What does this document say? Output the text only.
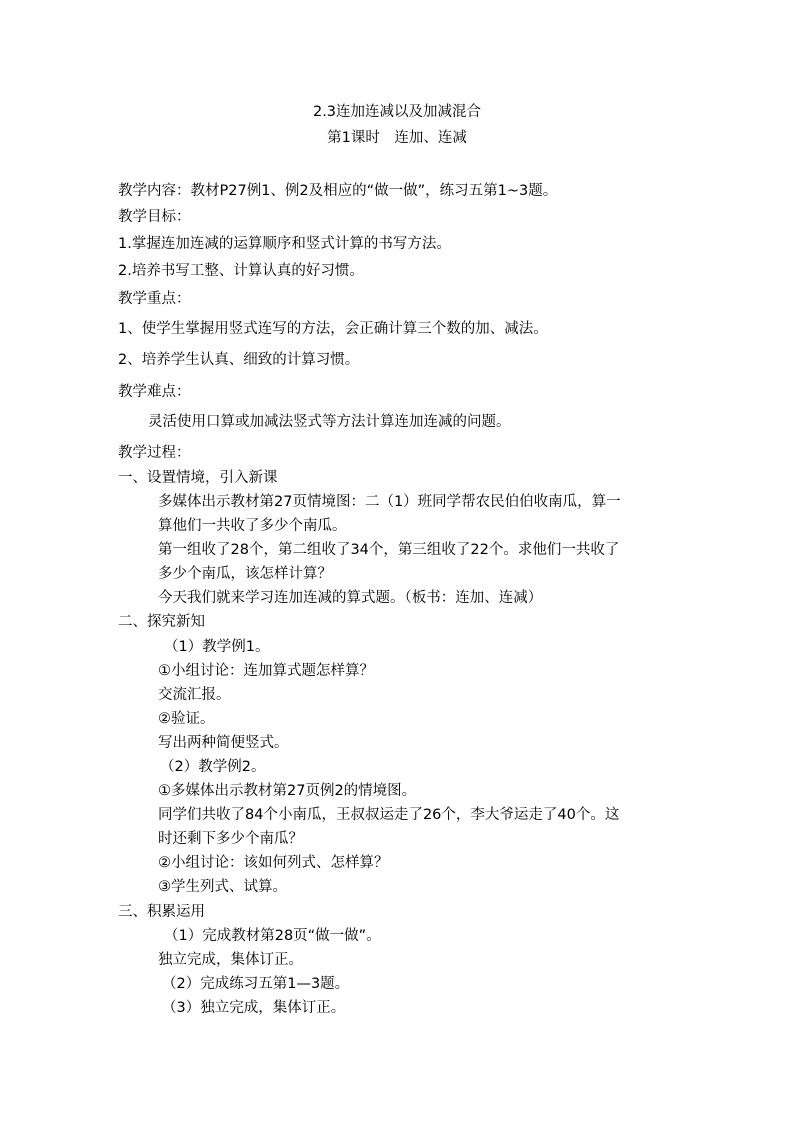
2.3连加连减以及加减混合
第1课时　连加、连减
教学内容：教材P27例1、例2及相应的“做一做”，练习五第1~3题。
教学目标：
1.掌握连加连减的运算顺序和竖式计算的书写方法。
2.培养书写工整、计算认真的好习惯。
教学重点：
1、使学生掌握用竖式连写的方法，会正确计算三个数的加、减法。
2、培养学生认真、细致的计算习惯。
教学难点：
灵活使用口算或加减法竖式等方法计算连加连减的问题。
教学过程：
一、设置情境，引入新课
多媒体出示教材第27页情境图：二（1）班同学帮农民伯伯收南瓜，算一
算他们一共收了多少个南瓜。
第一组收了28个，第二组收了34个，第三组收了22个。求他们一共收了
多少个南瓜，该怎样计算？
今天我们就来学习连加连减的算式题。（板书：连加、连减）
二、探究新知
（1）教学例1。
①小组讨论：连加算式题怎样算？
交流汇报。
②验证。
写出两种简便竖式。
（2）教学例2。
①多媒体出示教材第27页例2的情境图。
同学们共收了84个小南瓜，王叔叔运走了26个，李大爷运走了40个。这
时还剩下多少个南瓜？
②小组讨论：该如何列式、怎样算？
③学生列式、试算。
三、积累运用
（1）完成教材第28页“做一做”。
独立完成，集体订正。
（2）完成练习五第1—3题。
（3）独立完成，集体订正。
